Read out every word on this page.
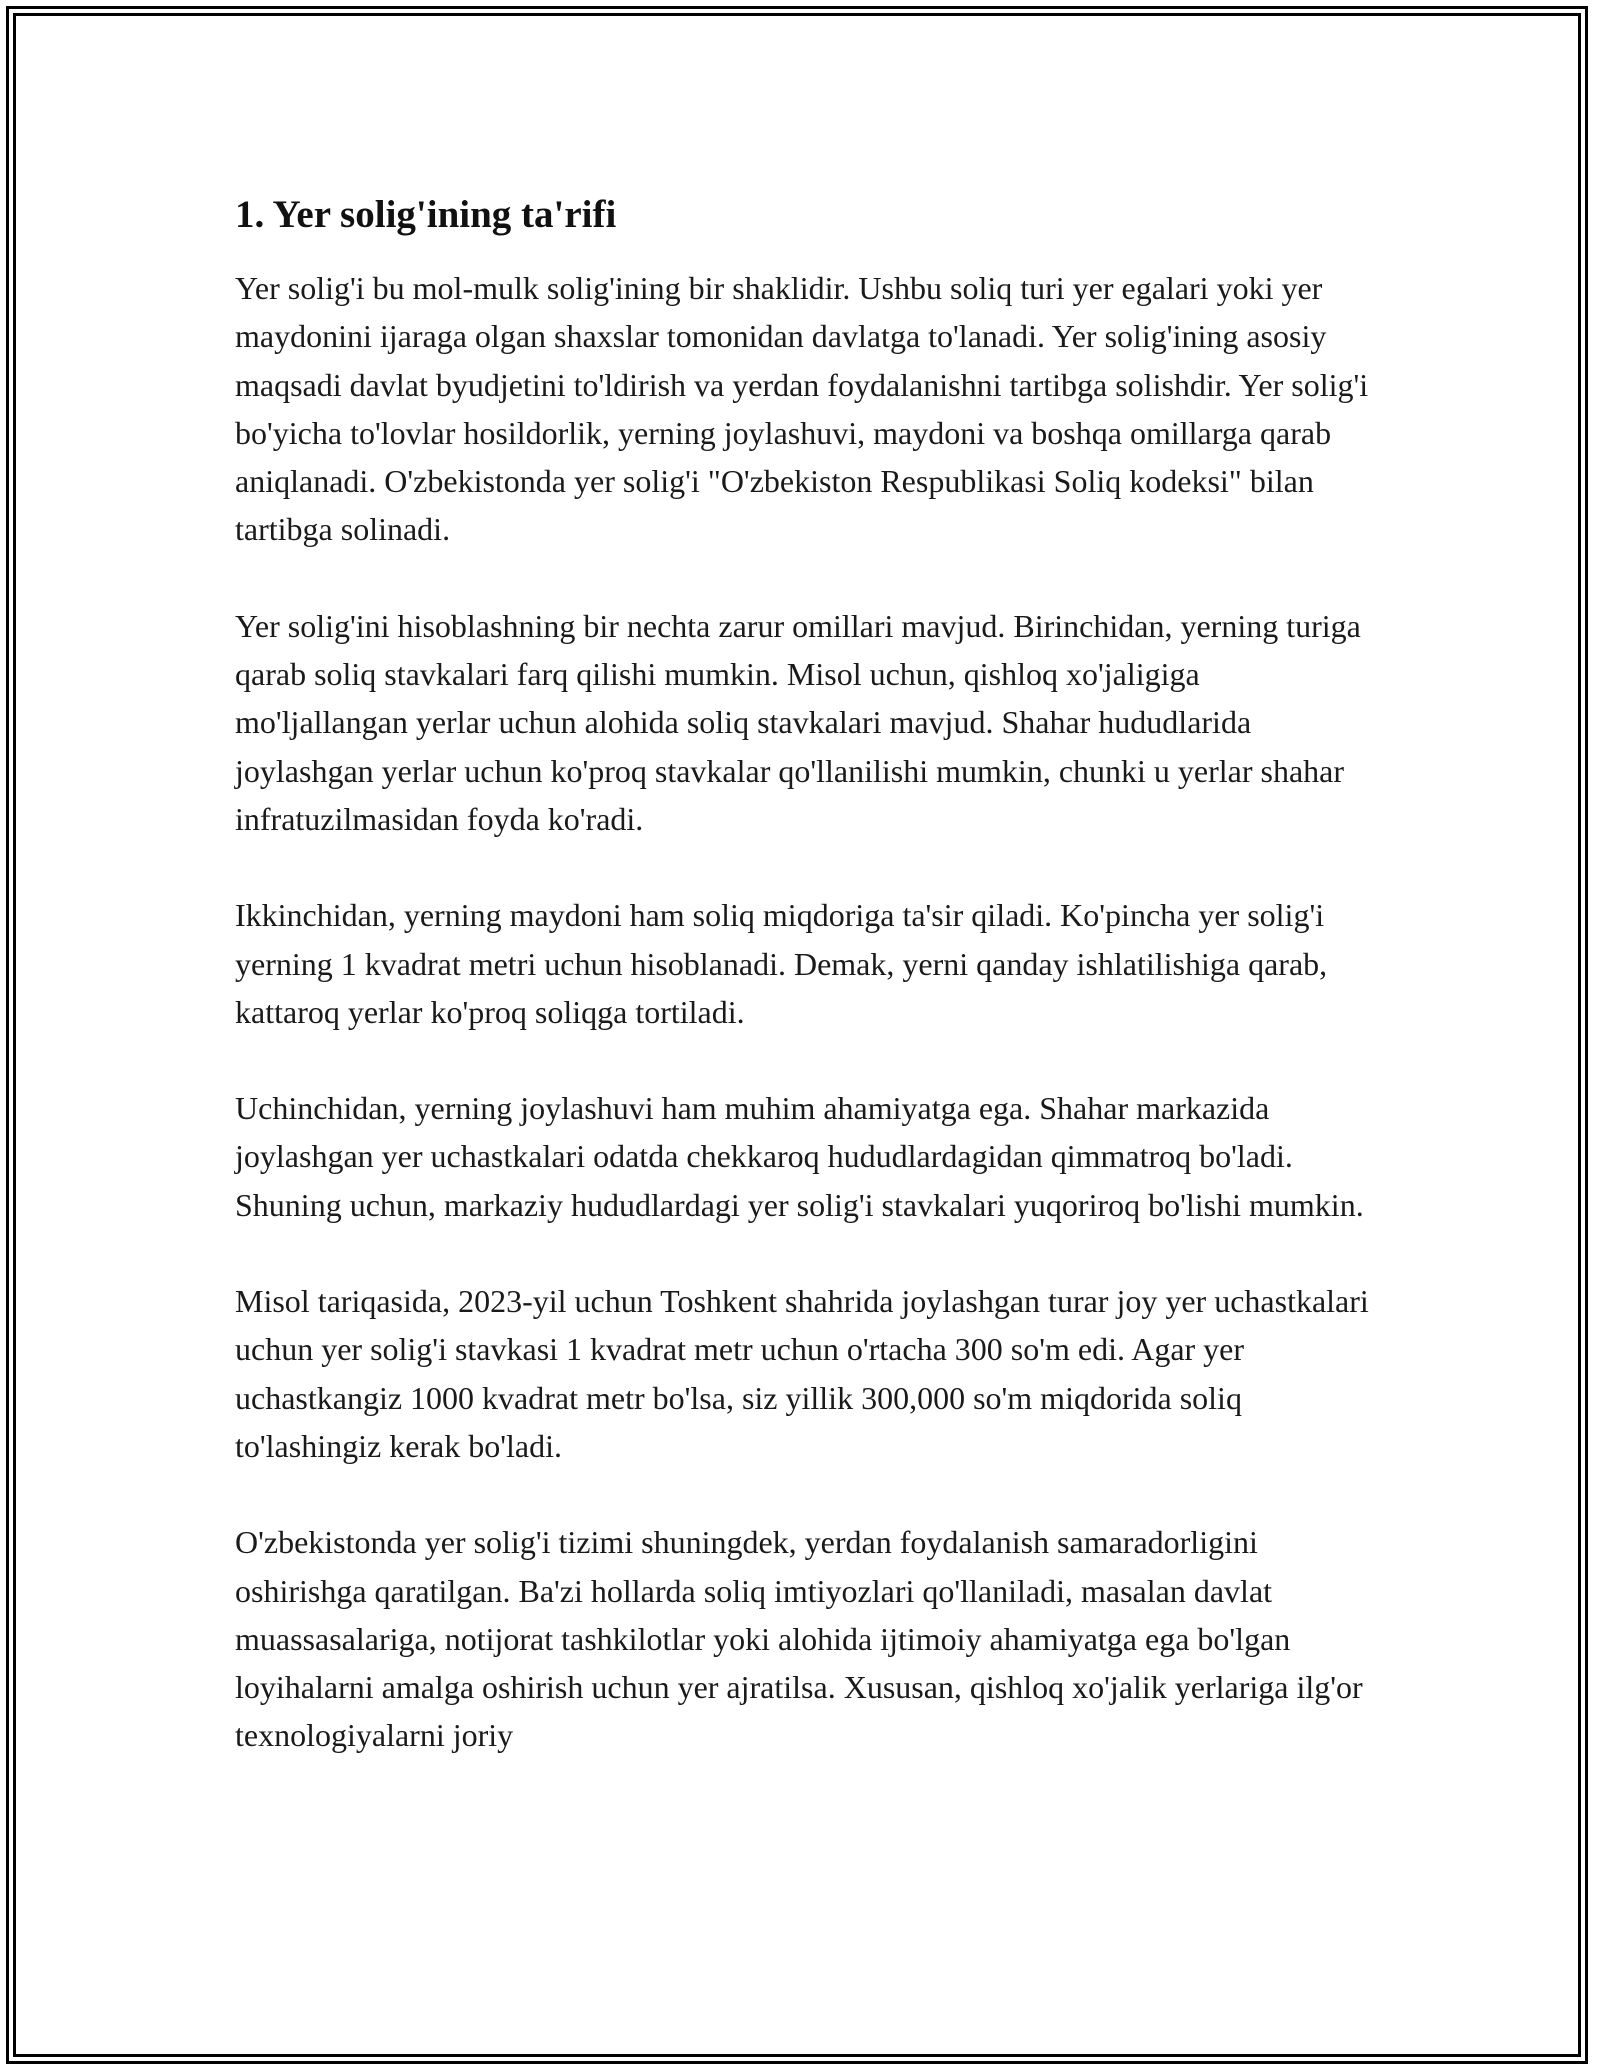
1. Yer solig'ining ta'rifi

Yer solig'i bu mol-mulk solig'ining bir shaklidir. Ushbu soliq turi yer egalari yoki yer maydonini ijaraga olgan shaxslar tomonidan davlatga to'lanadi. Yer solig'ining asosiy maqsadi davlat byudjetini to'ldirish va yerdan foydalanishni tartibga solishdir. Yer solig'i bo'yicha to'lovlar hosildorlik, yerning joylashuvi, maydoni va boshqa omillarga qarab aniqlanadi. O'zbekistonda yer solig'i "O'zbekiston Respublikasi Soliq kodeksi" bilan tartibga solinadi.

Yer solig'ini hisoblashning bir nechta zarur omillari mavjud. Birinchidan, yerning turiga qarab soliq stavkalari farq qilishi mumkin. Misol uchun, qishloq xo'jaligiga mo'ljallangan yerlar uchun alohida soliq stavkalari mavjud. Shahar hududlarida joylashgan yerlar uchun ko'proq stavkalar qo'llanilishi mumkin, chunki u yerlar shahar infratuzilmasidan foyda ko'radi.

Ikkinchidan, yerning maydoni ham soliq miqdoriga ta'sir qiladi. Ko'pincha yer solig'i yerning 1 kvadrat metri uchun hisoblanadi. Demak, yerni qanday ishlatilishiga qarab, kattaroq yerlar ko'proq soliqga tortiladi.

Uchinchidan, yerning joylashuvi ham muhim ahamiyatga ega. Shahar markazida joylashgan yer uchastkalari odatda chekkaroq hududlardagidan qimmatroq bo'ladi. Shuning uchun, markaziy hududlardagi yer solig'i stavkalari yuqoriroq bo'lishi mumkin.

Misol tariqasida, 2023-yil uchun Toshkent shahrida joylashgan turar joy yer uchastkalari uchun yer solig'i stavkasi 1 kvadrat metr uchun o'rtacha 300 so'm edi. Agar yer uchastkangiz 1000 kvadrat metr bo'lsa, siz yillik 300,000 so'm miqdorida soliq to'lashingiz kerak bo'ladi.

O'zbekistonda yer solig'i tizimi shuningdek, yerdan foydalanish samaradorligini oshirishga qaratilgan. Ba'zi hollarda soliq imtiyozlari qo'llaniladi, masalan davlat muassasalariga, notijorat tashkilotlar yoki alohida ijtimoiy ahamiyatga ega bo'lgan loyihalarni amalga oshirish uchun yer ajratilsa. Xususan, qishloq xo'jalik yerlariga ilg'or texnologiyalarni joriy
